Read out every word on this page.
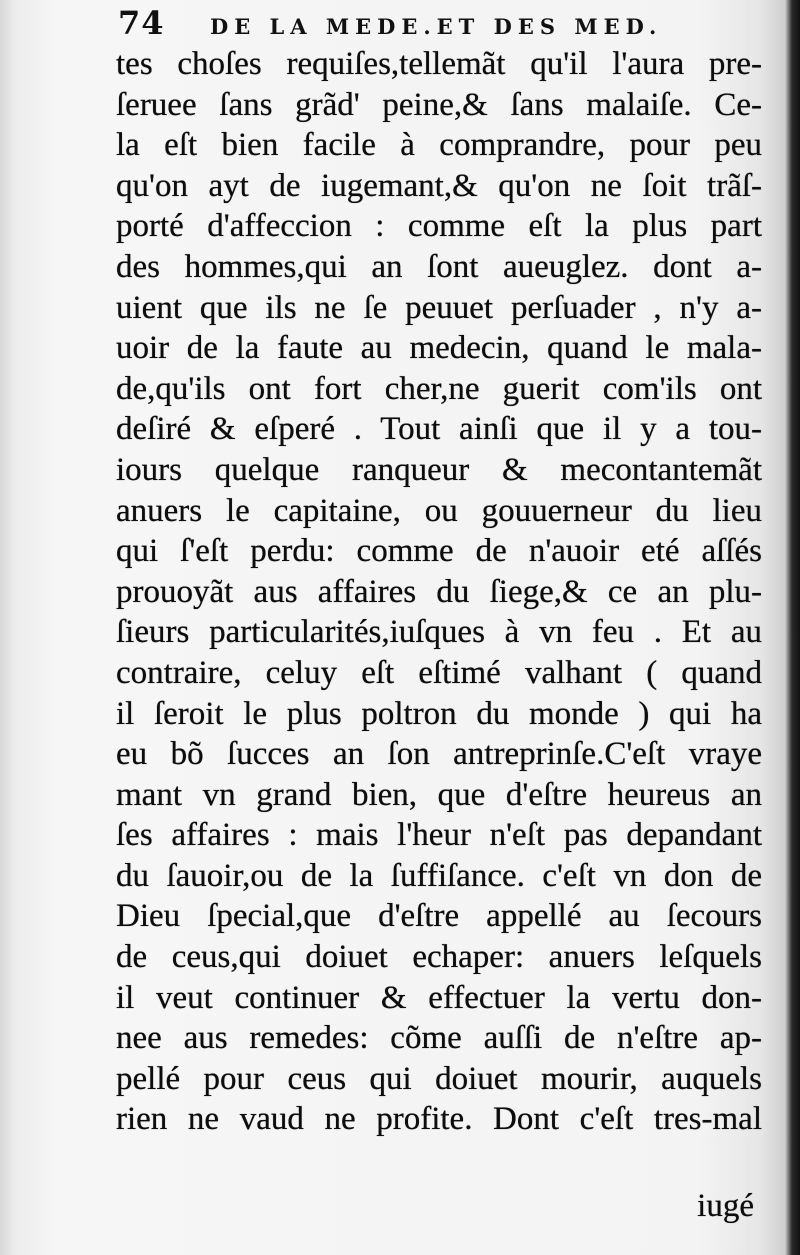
74 DE LA MEDE.ET DES MED.
tes choſes requiſes,tellemãt qu'il l'aura pre-
ſeruee ſans grãd' peine,& ſans malaiſe. Ce-
la eſt bien facile à comprandre, pour peu
qu'on ayt de iugemant,& qu'on ne ſoit trãſ-
porté d'affeccion : comme eſt la plus part
des hommes,qui an ſont aueuglez. dont a-
uient que ils ne ſe peuuet perſuader , n'y a-
uoir de la faute au medecin, quand le mala-
de,qu'ils ont fort cher,ne guerit com'ils ont
deſiré & eſperé . Tout ainſi que il y a tou-
iours quelque ranqueur & mecontantemãt
anuers le capitaine, ou gouuerneur du lieu
qui ſ'eſt perdu: comme de n'auoir eté aſſés
prouoyãt aus affaires du ſiege,& ce an plu-
ſieurs particularités,iuſques à vn feu . Et au
contraire, celuy eſt eſtimé valhant ( quand
il ſeroit le plus poltron du monde ) qui ha
eu bõ ſucces an ſon antreprinſe.C'eſt vraye
mant vn grand bien, que d'eſtre heureus an
ſes affaires : mais l'heur n'eſt pas depandant
du ſauoir,ou de la ſuffiſance. c'eſt vn don de
Dieu ſpecial,que d'eſtre appellé au ſecours
de ceus,qui doiuet echaper: anuers leſquels
il veut continuer & effectuer la vertu don-
nee aus remedes: cõme auſſi de n'eſtre ap-
pellé pour ceus qui doiuet mourir, auquels
rien ne vaud ne profite. Dont c'eſt tres-mal
iugé
